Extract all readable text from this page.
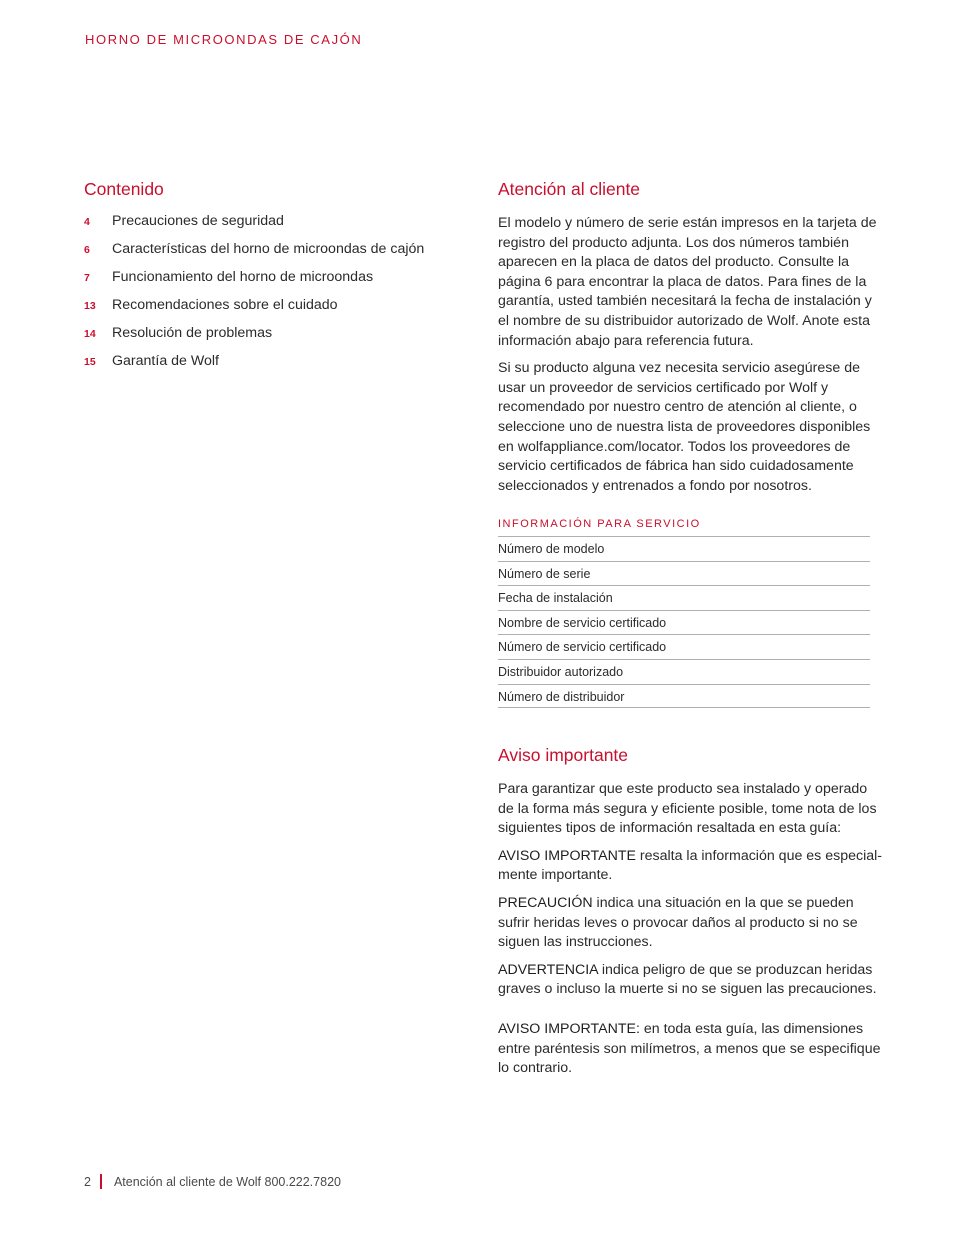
HORNO DE MICROONDAS DE CAJÓN
Contenido
4	Precauciones de seguridad
6	Características del horno de microondas de cajón
7	Funcionamiento del horno de microondas
13	Recomendaciones sobre el cuidado
14	Resolución de problemas
15	Garantía de Wolf
Atención al cliente

El modelo y número de serie están impresos en la tarjeta de registro del producto adjunta. Los dos números también aparecen en la placa de datos del producto. Consulte la página 6 para encontrar la placa de datos. Para fines de la garantía, usted también necesitará la fecha de instalación y el nombre de su distribuidor autorizado de Wolf. Anote esta información abajo para referencia futura.

Si su producto alguna vez necesita servicio asegúrese de usar un proveedor de servicios certificado por Wolf y recomendado por nuestro centro de atención al cliente, o seleccione uno de nuestra lista de proveedores disponibles en wolfappliance.com/locator. Todos los proveedores de servicio certificados de fábrica han sido cuidadosamente seleccionados y entrenados a fondo por nosotros.

INFORMACIÓN PARA SERVICIO
Número de modelo
Número de serie
Fecha de instalación
Nombre de servicio certificado
Número de servicio certificado
Distribuidor autorizado
Número de distribuidor
Aviso importante

Para garantizar que este producto sea instalado y operado de la forma más segura y eficiente posible, tome nota de los siguientes tipos de información resaltada en esta guía:

AVISO IMPORTANTE resalta la información que es especial- mente importante.

PRECAUCIÓN indica una situación en la que se pueden sufrir heridas leves o provocar daños al producto si no se siguen las instrucciones.

ADVERTENCIA indica peligro de que se produzcan heridas graves o incluso la muerte si no se siguen las precauciones.

AVISO IMPORTANTE: en toda esta guía, las dimensiones entre paréntesis son milímetros, a menos que se especifique lo contrario.

2 Atención al cliente de Wolf 800.222.7820
